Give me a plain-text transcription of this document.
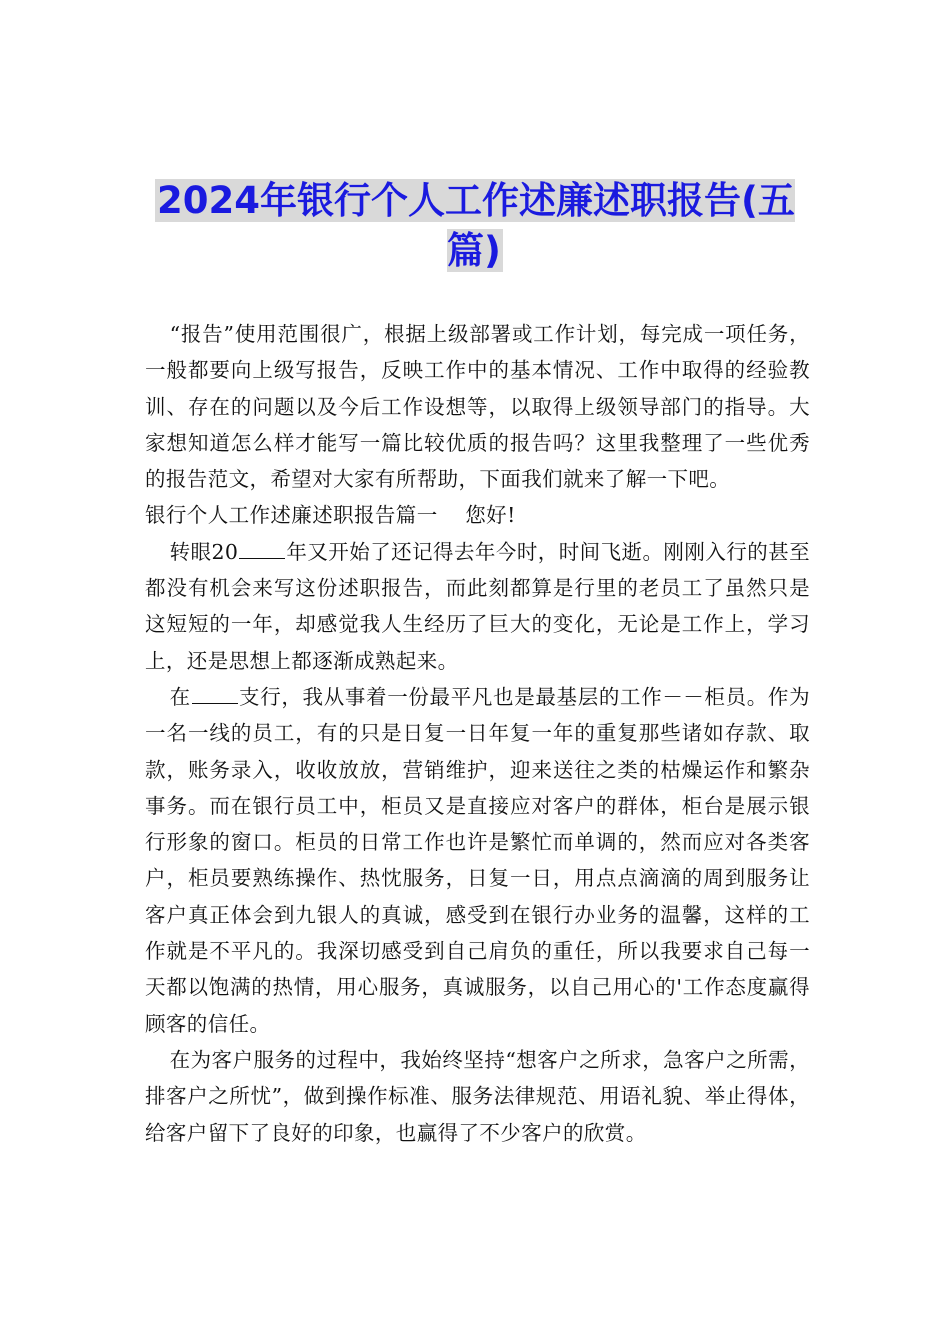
2024年银行个人工作述廉述职报告(五篇)

“报告”使用范围很广，根据上级部署或工作计划，每完成一项任务，一般都要向上级写报告，反映工作中的基本情况、工作中取得的经验教训、存在的问题以及今后工作设想等，以取得上级领导部门的指导。大家想知道怎么样才能写一篇比较优质的报告吗？这里我整理了一些优秀的报告范文，希望对大家有所帮助，下面我们就来了解一下吧。

银行个人工作述廉述职报告篇一 您好!

转眼20 年又开始了还记得去年今时，时间飞逝。刚刚入行的甚至都没有机会来写这份述职报告，而此刻都算是行里的老员工了虽然只是这短短的一年，却感觉我人生经历了巨大的变化，无论是工作上，学习上，还是思想上都逐渐成熟起来。

在 支行，我从事着一份最平凡也是最基层的工作－－柜员。作为一名一线的员工，有的只是日复一日年复一年的重复那些诸如存款、取款，账务录入，收收放放，营销维护，迎来送往之类的枯燥运作和繁杂事务。而在银行员工中，柜员又是直接应对客户的群体，柜台是展示银行形象的窗口。柜员的日常工作也许是繁忙而单调的，然而应对各类客户，柜员要熟练操作、热忱服务，日复一日，用点点滴滴的周到服务让客户真正体会到九银人的真诚，感受到在银行办业务的温馨，这样的工作就是不平凡的。我深切感受到自己肩负的重任，所以我要求自己每一天都以饱满的热情，用心服务，真诚服务，以自己用心的'工作态度赢得顾客的信任。

在为客户服务的过程中，我始终坚持“想客户之所求，急客户之所需，排客户之所忧”，做到操作标准、服务法律规范、用语礼貌、举止得体，给客户留下了良好的印象，也赢得了不少客户的欣赏。
